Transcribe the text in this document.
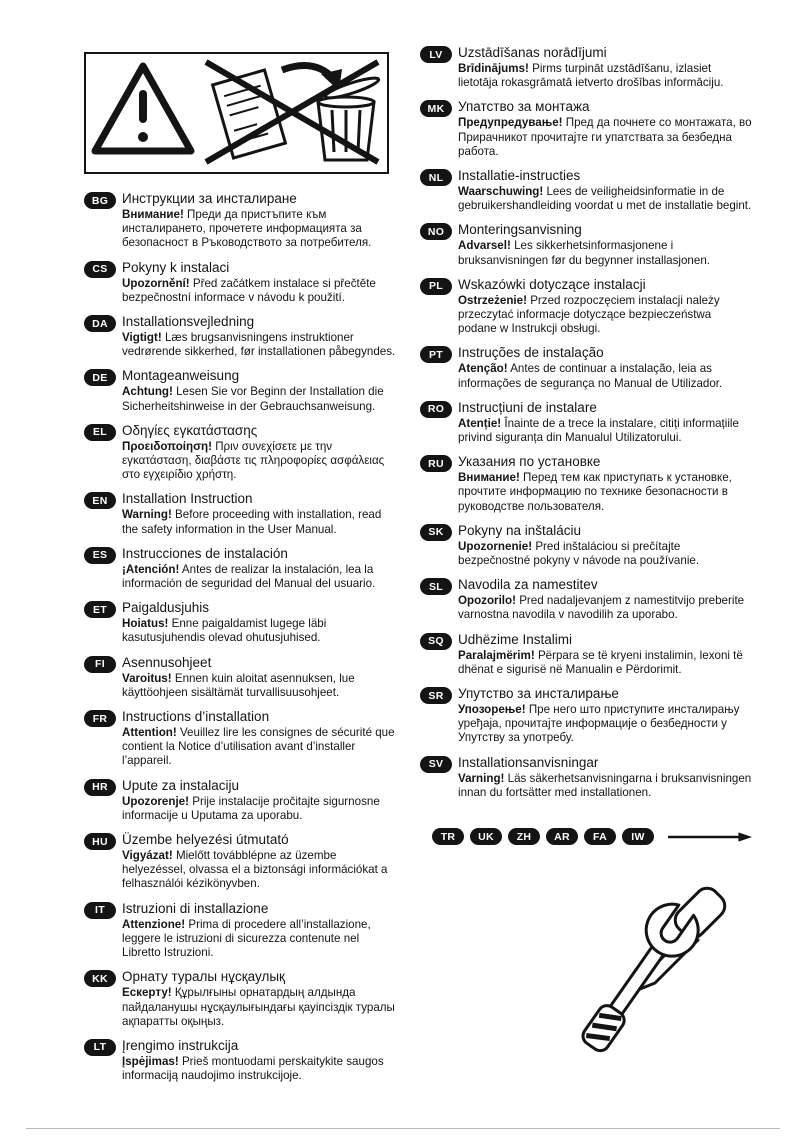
BG	Инструкции за инсталиране

Внимание! Преди да пристъпите към инсталирането, прочетете информацията за безопасност в Ръководството за потребителя.

CS	Pokyny k instalaci

Upozornění! Před začátkem instalace si přečtěte bezpečnostní informace v návodu k použití.

DA	Installationsvejledning

Vigtigt! Læs brugsanvisningens instruktioner vedrørende sikkerhed, før installationen påbegyndes.

DE	Montageanweisung

Achtung! Lesen Sie vor Beginn der Installation die Sicherheitshinweise in der Gebrauchsanweisung.

EL	Οδηγίες εγκατάστασης

Προειδοποίηση! Πριν συνεχίσετε με την εγκατάσταση, διαβάστε τις πληροφορίες ασφάλειας στο εγχειρίδιο χρήστη.

EN	Installation Instruction

Warning! Before proceeding with installation, read the safety information in the User Manual.

ES	Instrucciones de instalación

¡Atención! Antes de realizar la instalación, lea la información de seguridad del Manual del usuario.

ET	Paigaldusjuhis

Hoiatus! Enne paigaldamist lugege läbi kasutusjuhendis olevad ohutusjuhised.

FI	Asennusohjeet

Varoitus! Ennen kuin aloitat asennuksen, lue käyttöohjeen sisältämät turvallisuusohjeet.

FR	Instructions d’installation

Attention! Veuillez lire les consignes de sécurité que contient la Notice d’utilisation avant d’installer l’appareil.

HR	Upute za instalaciju

Upozorenje! Prije instalacije pročitajte sigurnosne informacije u Uputama za uporabu.

HU	Üzembe helyezési útmutató

Vigyázat! Mielőtt továbblépne az üzembe helyezéssel, olvassa el a biztonsági információkat a felhasználói kézikönyvben.

IT	Istruzioni di installazione

Attenzione! Prima di procedere all’installazione, leggere le istruzioni di sicurezza contenute nel Libretto Istruzioni.

KK	Орнату туралы нұсқаулық

Ескерту! Құрылғыны орнатардың алдында пайдаланушы нұсқаулығындағы қауіпсіздік туралы ақпаратты оқыңыз.

LT	Įrengimo instrukcija

Įspėjimas! Prieš montuodami perskaitykite saugos informaciją naudojimo instrukcijoje.

LV	Uzstādīšanas norādījumi

Brīdinājums! Pirms turpināt uzstādīšanu, izlasiet lietotāja rokasgrāmatā ietverto drošības informāciju.

MK	Упатство за монтажа

Предупредување! Пред да почнете со монтажата, во Прирачникот прочитајте ги упатствата за безбедна работа.

NL	Installatie-instructies

Waarschuwing! Lees de veiligheidsinformatie in de gebruikershandleiding voordat u met de installatie begint.

NO	Monteringsanvisning

Advarsel! Les sikkerhetsinformasjonene i bruksanvisningen før du begynner installasjonen.

PL	Wskazówki dotyczące instalacji

Ostrzeżenie! Przed rozpoczęciem instalacji należy przeczytać informacje dotyczące bezpieczeństwa podane w Instrukcji obsługi.

PT	Instruções de instalação

Atenção! Antes de continuar a instalação, leia as informações de segurança no Manual de Utilizador.

RO	Instrucțiuni de instalare

Atenție! Înainte de a trece la instalare, citiți informațiile privind siguranța din Manualul Utilizatorului.

RU	Указания по установке

Внимание! Перед тем как приступать к установке, прочтите информацию по технике безопасности в руководстве пользователя.

SK	Pokyny na inštaláciu

Upozornenie! Pred inštaláciou si prečítajte bezpečnostné pokyny v návode na používanie.

SL	Navodila za namestitev

Opozorilo! Pred nadaljevanjem z namestitvijo preberite varnostna navodila v navodilih za uporabo.

SQ	Udhëzime Instalimi

Paralajmërim! Përpara se të kryeni instalimin, lexoni të dhënat e sigurisë në Manualin e Përdorimit.

SR	Упутство за инсталирање

Упозорење! Пре него што приступите инсталирању уређаја, прочитајте информације о безбедности у Упутству за употребу.

SV	Installationsanvisningar

Varning! Läs säkerhetsanvisningarna i bruksanvisningen innan du fortsätter med installationen.

TR	UK	ZH	AR	FA	IW
